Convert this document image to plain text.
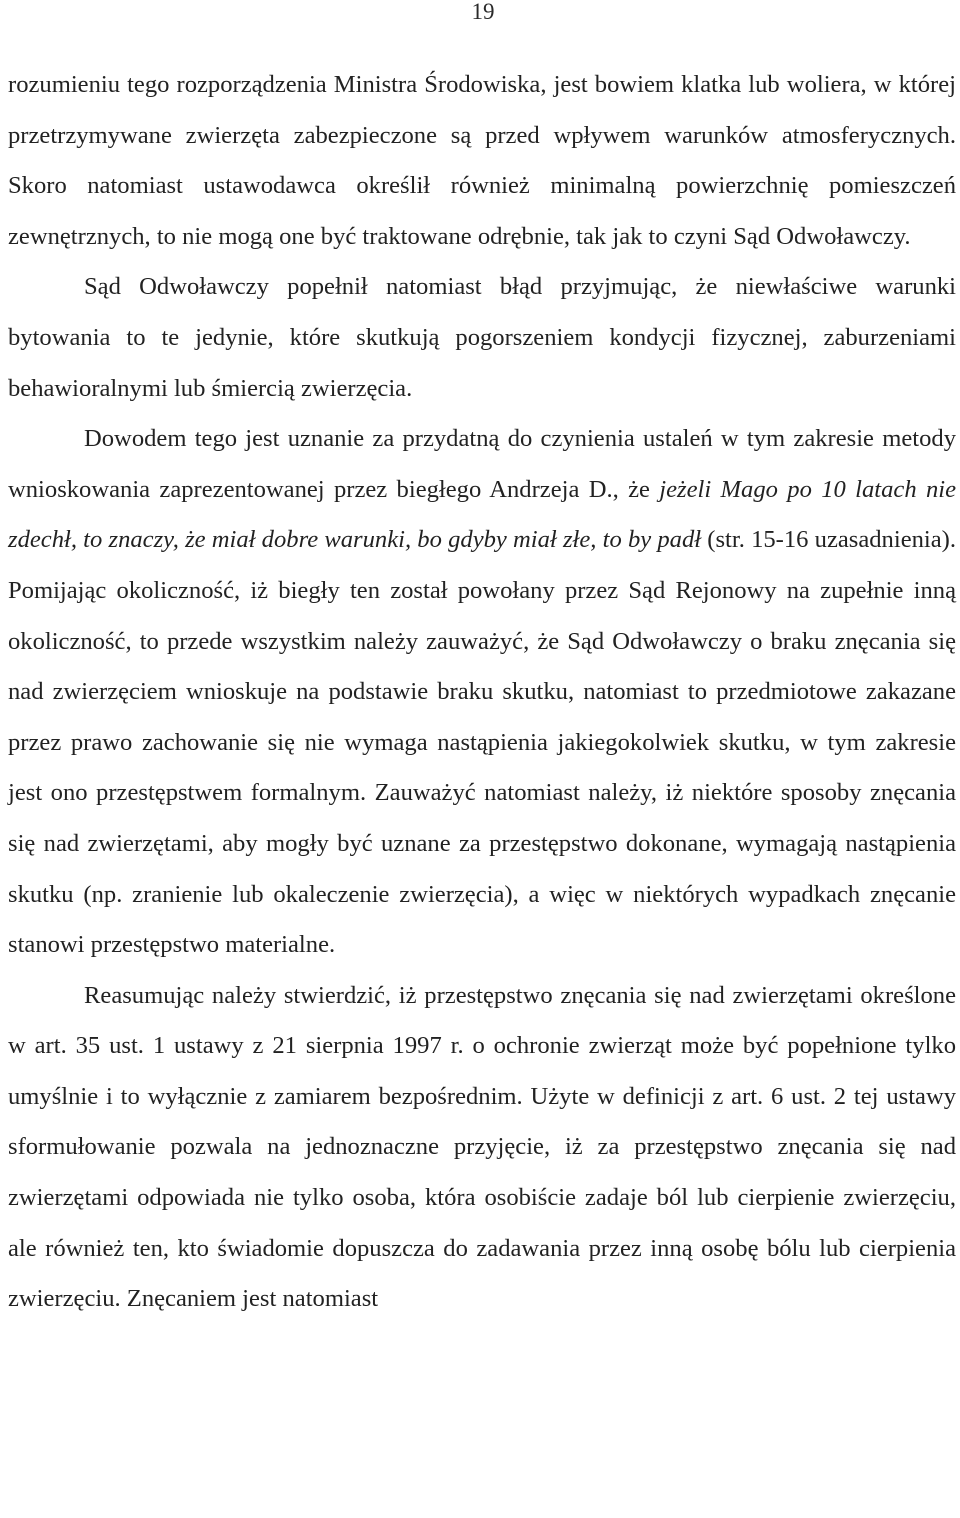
19

rozumieniu tego rozporządzenia Ministra Środowiska, jest bowiem klatka lub woliera, w której przetrzymywane zwierzęta zabezpieczone są przed wpływem warunków atmosferycznych. Skoro natomiast ustawodawca określił również minimalną powierzchnię pomieszczeń zewnętrznych, to nie mogą one być traktowane odrębnie, tak jak to czyni Sąd Odwoławczy.

Sąd Odwoławczy popełnił natomiast błąd przyjmując, że niewłaściwe warunki bytowania to te jedynie, które skutkują pogorszeniem kondycji fizycznej, zaburzeniami behawioralnymi lub śmiercią zwierzęcia.

Dowodem tego jest uznanie za przydatną do czynienia ustaleń w tym zakresie metody wnioskowania zaprezentowanej przez biegłego Andrzeja D., że jeżeli Mago po 10 latach nie zdechł, to znaczy, że miał dobre warunki, bo gdyby miał złe, to by padł (str. 15-16 uzasadnienia). Pomijając okoliczność, iż biegły ten został powołany przez Sąd Rejonowy na zupełnie inną okoliczność, to przede wszystkim należy zauważyć, że Sąd Odwoławczy o braku znęcania się nad zwierzęciem wnioskuje na podstawie braku skutku, natomiast to przedmiotowe zakazane przez prawo zachowanie się nie wymaga nastąpienia jakiegokolwiek skutku, w tym zakresie jest ono przestępstwem formalnym. Zauważyć natomiast należy, iż niektóre sposoby znęcania się nad zwierzętami, aby mogły być uznane za przestępstwo dokonane, wymagają nastąpienia skutku (np. zranienie lub okaleczenie zwierzęcia), a więc w niektórych wypadkach znęcanie stanowi przestępstwo materialne.

Reasumując należy stwierdzić, iż przestępstwo znęcania się nad zwierzętami określone w art. 35 ust. 1 ustawy z 21 sierpnia 1997 r. o ochronie zwierząt może być popełnione tylko umyślnie i to wyłącznie z zamiarem bezpośrednim. Użyte w definicji z art. 6 ust. 2 tej ustawy sformułowanie pozwala na jednoznaczne przyjęcie, iż za przestępstwo znęcania się nad zwierzętami odpowiada nie tylko osoba, która osobiście zadaje ból lub cierpienie zwierzęciu, ale również ten, kto świadomie dopuszcza do zadawania przez inną osobę bólu lub cierpienia zwierzęciu. Znęcaniem jest natomiast
